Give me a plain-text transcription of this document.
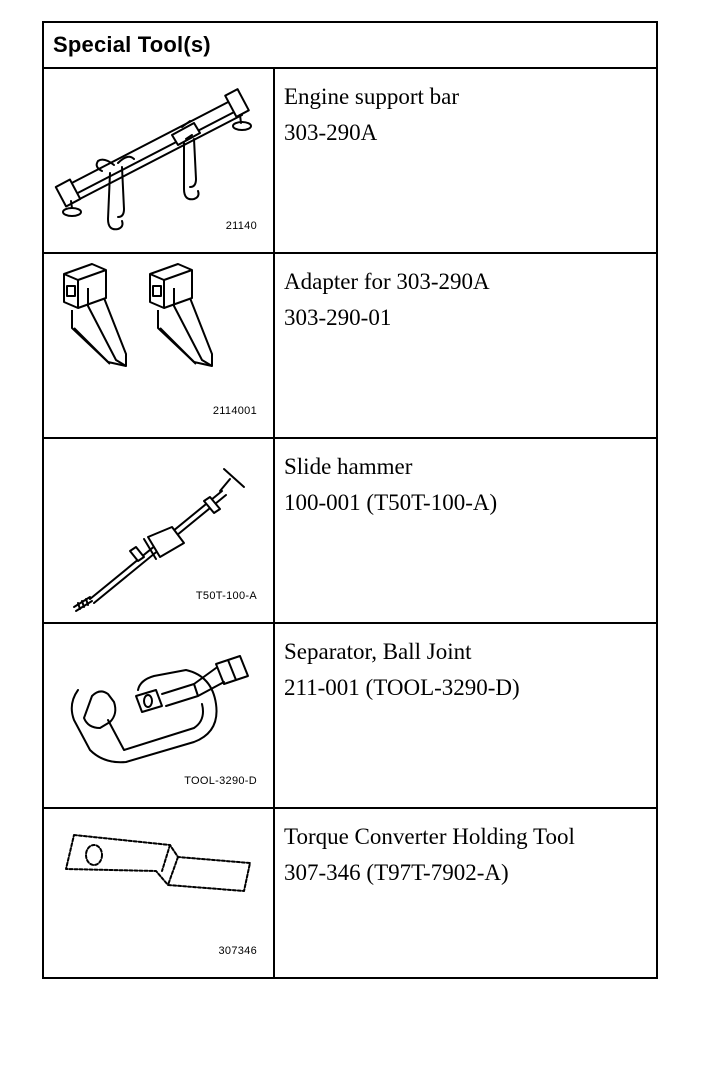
Special Tool(s)
21140
Engine support bar
303-290A
2114001
Adapter for 303-290A
303-290-01
T50T-100-A
Slide hammer
100-001 (T50T-100-A)
TOOL-3290-D
Separator, Ball Joint
211-001 (TOOL-3290-D)
307346
Torque Converter Holding Tool
307-346 (T97T-7902-A)
